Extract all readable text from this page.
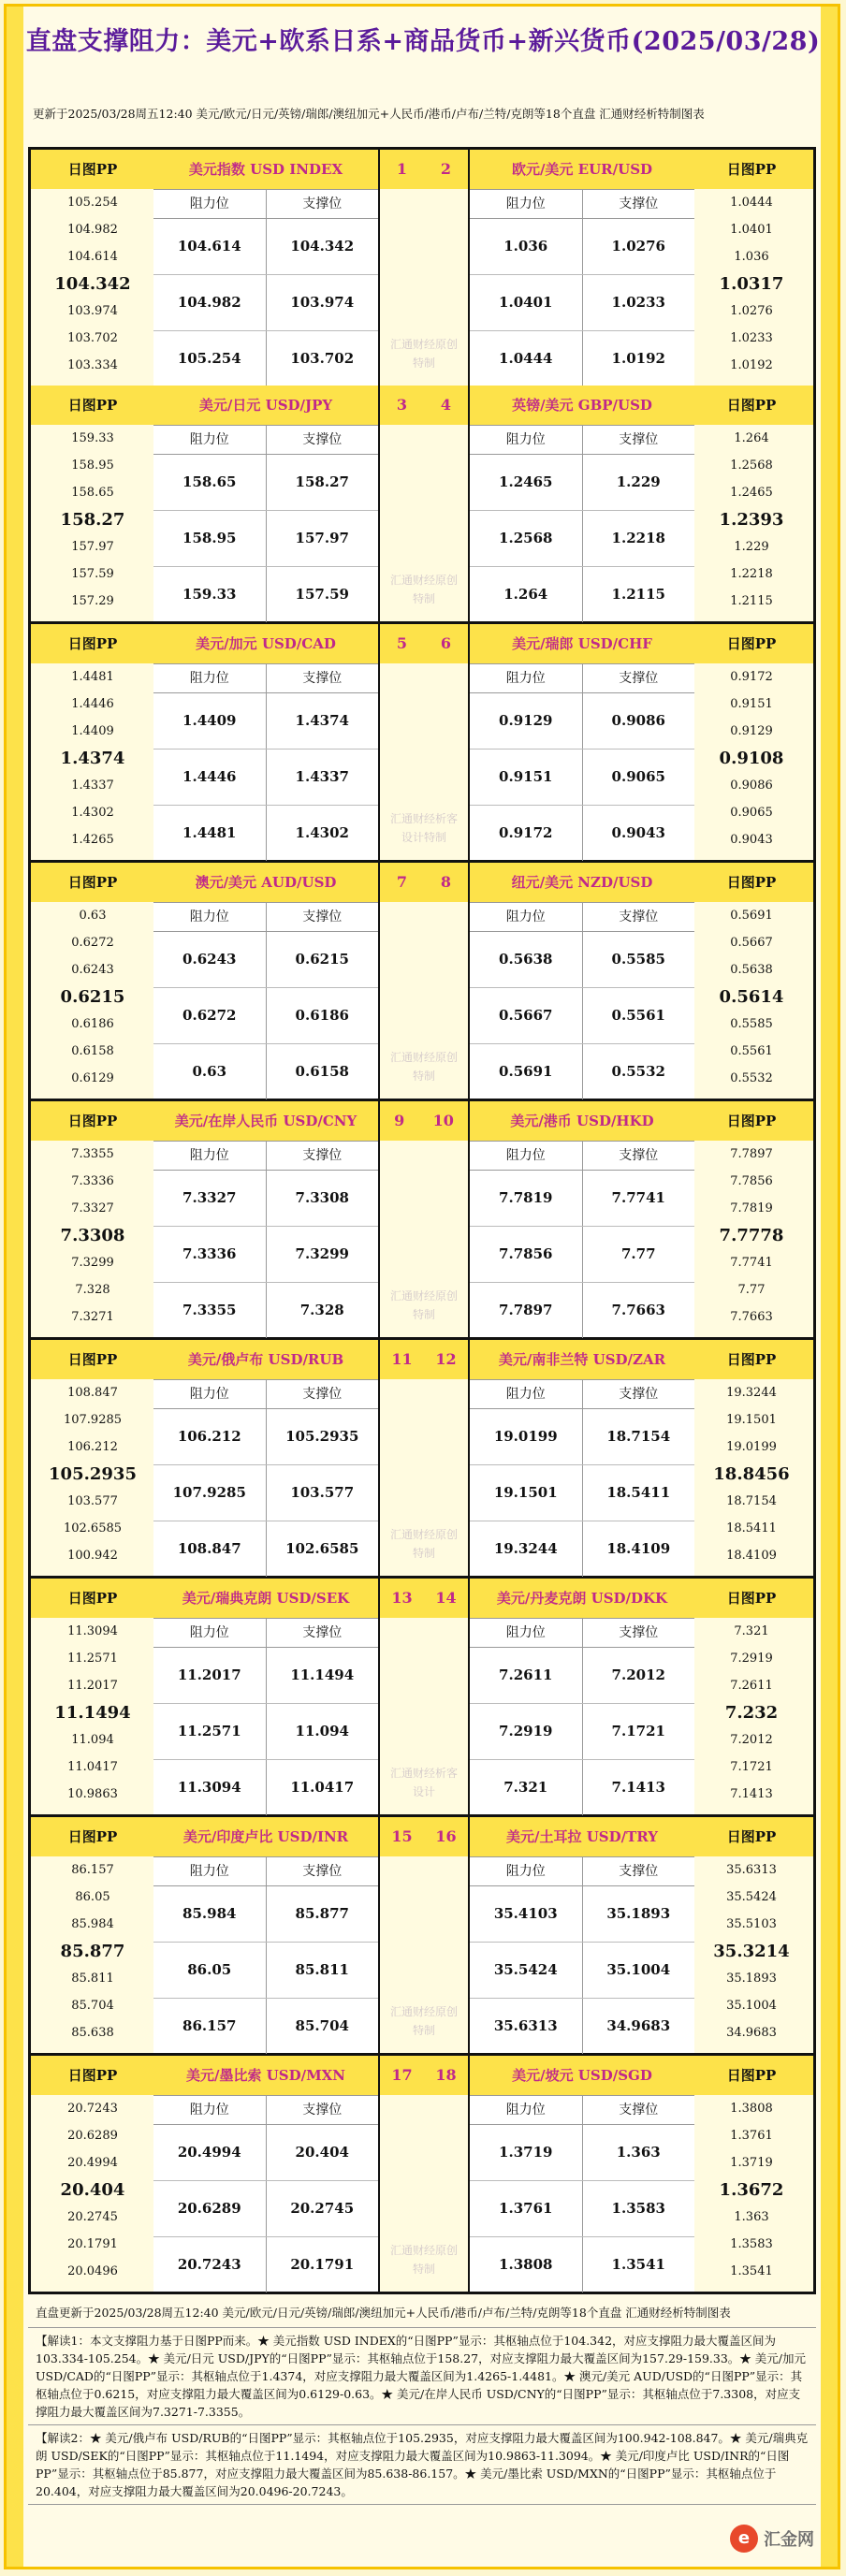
直盘支撑阻力：美元+欧系日系+商品货币+新兴货币(2025/03/28)
更新于2025/03/28周五12:40 美元/欧元/日元/英镑/瑞郎/澳纽加元+人民币/港币/卢布/兰特/克朗等18个直盘 汇通财经析特制图表
日图PP
105.254
104.982
104.614
104.342
103.974
103.702
103.334
美元指数 USD INDEX
阻力位	支撑位
104.614	104.342
104.982	103.974
105.254	103.702
日图PP
1.0444
1.0401
1.036
1.0317
1.0276
1.0233
1.0192
欧元/美元 EUR/USD
阻力位	支撑位
1.036	1.0276
1.0401	1.0233
1.0444	1.0192
1 2
汇通财经原创特制
日图PP
159.33
158.95
158.65
158.27
157.97
157.59
157.29
美元/日元 USD/JPY
阻力位	支撑位
158.65	158.27
158.95	157.97
159.33	157.59
日图PP
1.264
1.2568
1.2465
1.2393
1.229
1.2218
1.2115
英镑/美元 GBP/USD
阻力位	支撑位
1.2465	1.229
1.2568	1.2218
1.264	1.2115
3 4
汇通财经原创特制
日图PP
1.4481
1.4446
1.4409
1.4374
1.4337
1.4302
1.4265
美元/加元 USD/CAD
阻力位	支撑位
1.4409	1.4374
1.4446	1.4337
1.4481	1.4302
日图PP
0.9172
0.9151
0.9129
0.9108
0.9086
0.9065
0.9043
美元/瑞郎 USD/CHF
阻力位	支撑位
0.9129	0.9086
0.9151	0.9065
0.9172	0.9043
5 6
汇通财经析客设计特制
日图PP
0.63
0.6272
0.6243
0.6215
0.6186
0.6158
0.6129
澳元/美元 AUD/USD
阻力位	支撑位
0.6243	0.6215
0.6272	0.6186
0.63	0.6158
日图PP
0.5691
0.5667
0.5638
0.5614
0.5585
0.5561
0.5532
纽元/美元 NZD/USD
阻力位	支撑位
0.5638	0.5585
0.5667	0.5561
0.5691	0.5532
7 8
汇通财经原创特制
日图PP
7.3355
7.3336
7.3327
7.3308
7.3299
7.328
7.3271
美元/在岸人民币 USD/CNY
阻力位	支撑位
7.3327	7.3308
7.3336	7.3299
7.3355	7.328
日图PP
7.7897
7.7856
7.7819
7.7778
7.7741
7.77
7.7663
美元/港币 USD/HKD
阻力位	支撑位
7.7819	7.7741
7.7856	7.77
7.7897	7.7663
9 10
汇通财经原创特制
日图PP
108.847
107.9285
106.212
105.2935
103.577
102.6585
100.942
美元/俄卢布 USD/RUB
阻力位	支撑位
106.212	105.2935
107.9285	103.577
108.847	102.6585
日图PP
19.3244
19.1501
19.0199
18.8456
18.7154
18.5411
18.4109
美元/南非兰特 USD/ZAR
阻力位	支撑位
19.0199	18.7154
19.1501	18.5411
19.3244	18.4109
11 12
汇通财经原创特制
日图PP
11.3094
11.2571
11.2017
11.1494
11.094
11.0417
10.9863
美元/瑞典克朗 USD/SEK
阻力位	支撑位
11.2017	11.1494
11.2571	11.094
11.3094	11.0417
日图PP
7.321
7.2919
7.2611
7.232
7.2012
7.1721
7.1413
美元/丹麦克朗 USD/DKK
阻力位	支撑位
7.2611	7.2012
7.2919	7.1721
7.321	7.1413
13 14
汇通财经析客设计
日图PP
86.157
86.05
85.984
85.877
85.811
85.704
85.638
美元/印度卢比 USD/INR
阻力位	支撑位
85.984	85.877
86.05	85.811
86.157	85.704
日图PP
35.6313
35.5424
35.5103
35.3214
35.1893
35.1004
34.9683
美元/土耳拉 USD/TRY
阻力位	支撑位
35.4103	35.1893
35.5424	35.1004
35.6313	34.9683
15 16
汇通财经原创特制
日图PP
20.7243
20.6289
20.4994
20.404
20.2745
20.1791
20.0496
美元/墨比索 USD/MXN
阻力位	支撑位
20.4994	20.404
20.6289	20.2745
20.7243	20.1791
日图PP
1.3808
1.3761
1.3719
1.3672
1.363
1.3583
1.3541
美元/坡元 USD/SGD
阻力位	支撑位
1.3719	1.363
1.3761	1.3583
1.3808	1.3541
17 18
汇通财经原创特制
直盘更新于2025/03/28周五12:40 美元/欧元/日元/英镑/瑞郎/澳纽加元+人民币/港币/卢布/兰特/克朗等18个直盘 汇通财经析特制图表
【解读1：本文支撑阻力基于日图PP而来。★ 美元指数 USD INDEX的“日图PP”显示：其枢轴点位于104.342，对应支撑阻力最大覆盖区间为103.334-105.254。★ 美元/日元 USD/JPY的“日图PP”显示：其枢轴点位于158.27，对应支撑阻力最大覆盖区间为157.29-159.33。★ 美元/加元 USD/CAD的“日图PP”显示：其枢轴点位于1.4374，对应支撑阻力最大覆盖区间为1.4265-1.4481。★ 澳元/美元 AUD/USD的“日图PP”显示：其枢轴点位于0.6215，对应支撑阻力最大覆盖区间为0.6129-0.63。★ 美元/在岸人民币 USD/CNY的“日图PP”显示：其枢轴点位于7.3308，对应支撑阻力最大覆盖区间为7.3271-7.3355。
【解读2：★ 美元/俄卢布 USD/RUB的“日图PP”显示：其枢轴点位于105.2935，对应支撑阻力最大覆盖区间为100.942-108.847。★ 美元/瑞典克朗 USD/SEK的“日图PP”显示：其枢轴点位于11.1494，对应支撑阻力最大覆盖区间为10.9863-11.3094。★ 美元/印度卢比 USD/INR的“日图PP”显示：其枢轴点位于85.877，对应支撑阻力最大覆盖区间为85.638-86.157。★ 美元/墨比索 USD/MXN的“日图PP”显示：其枢轴点位于20.404，对应支撑阻力最大覆盖区间为20.0496-20.7243。
e 汇金网
